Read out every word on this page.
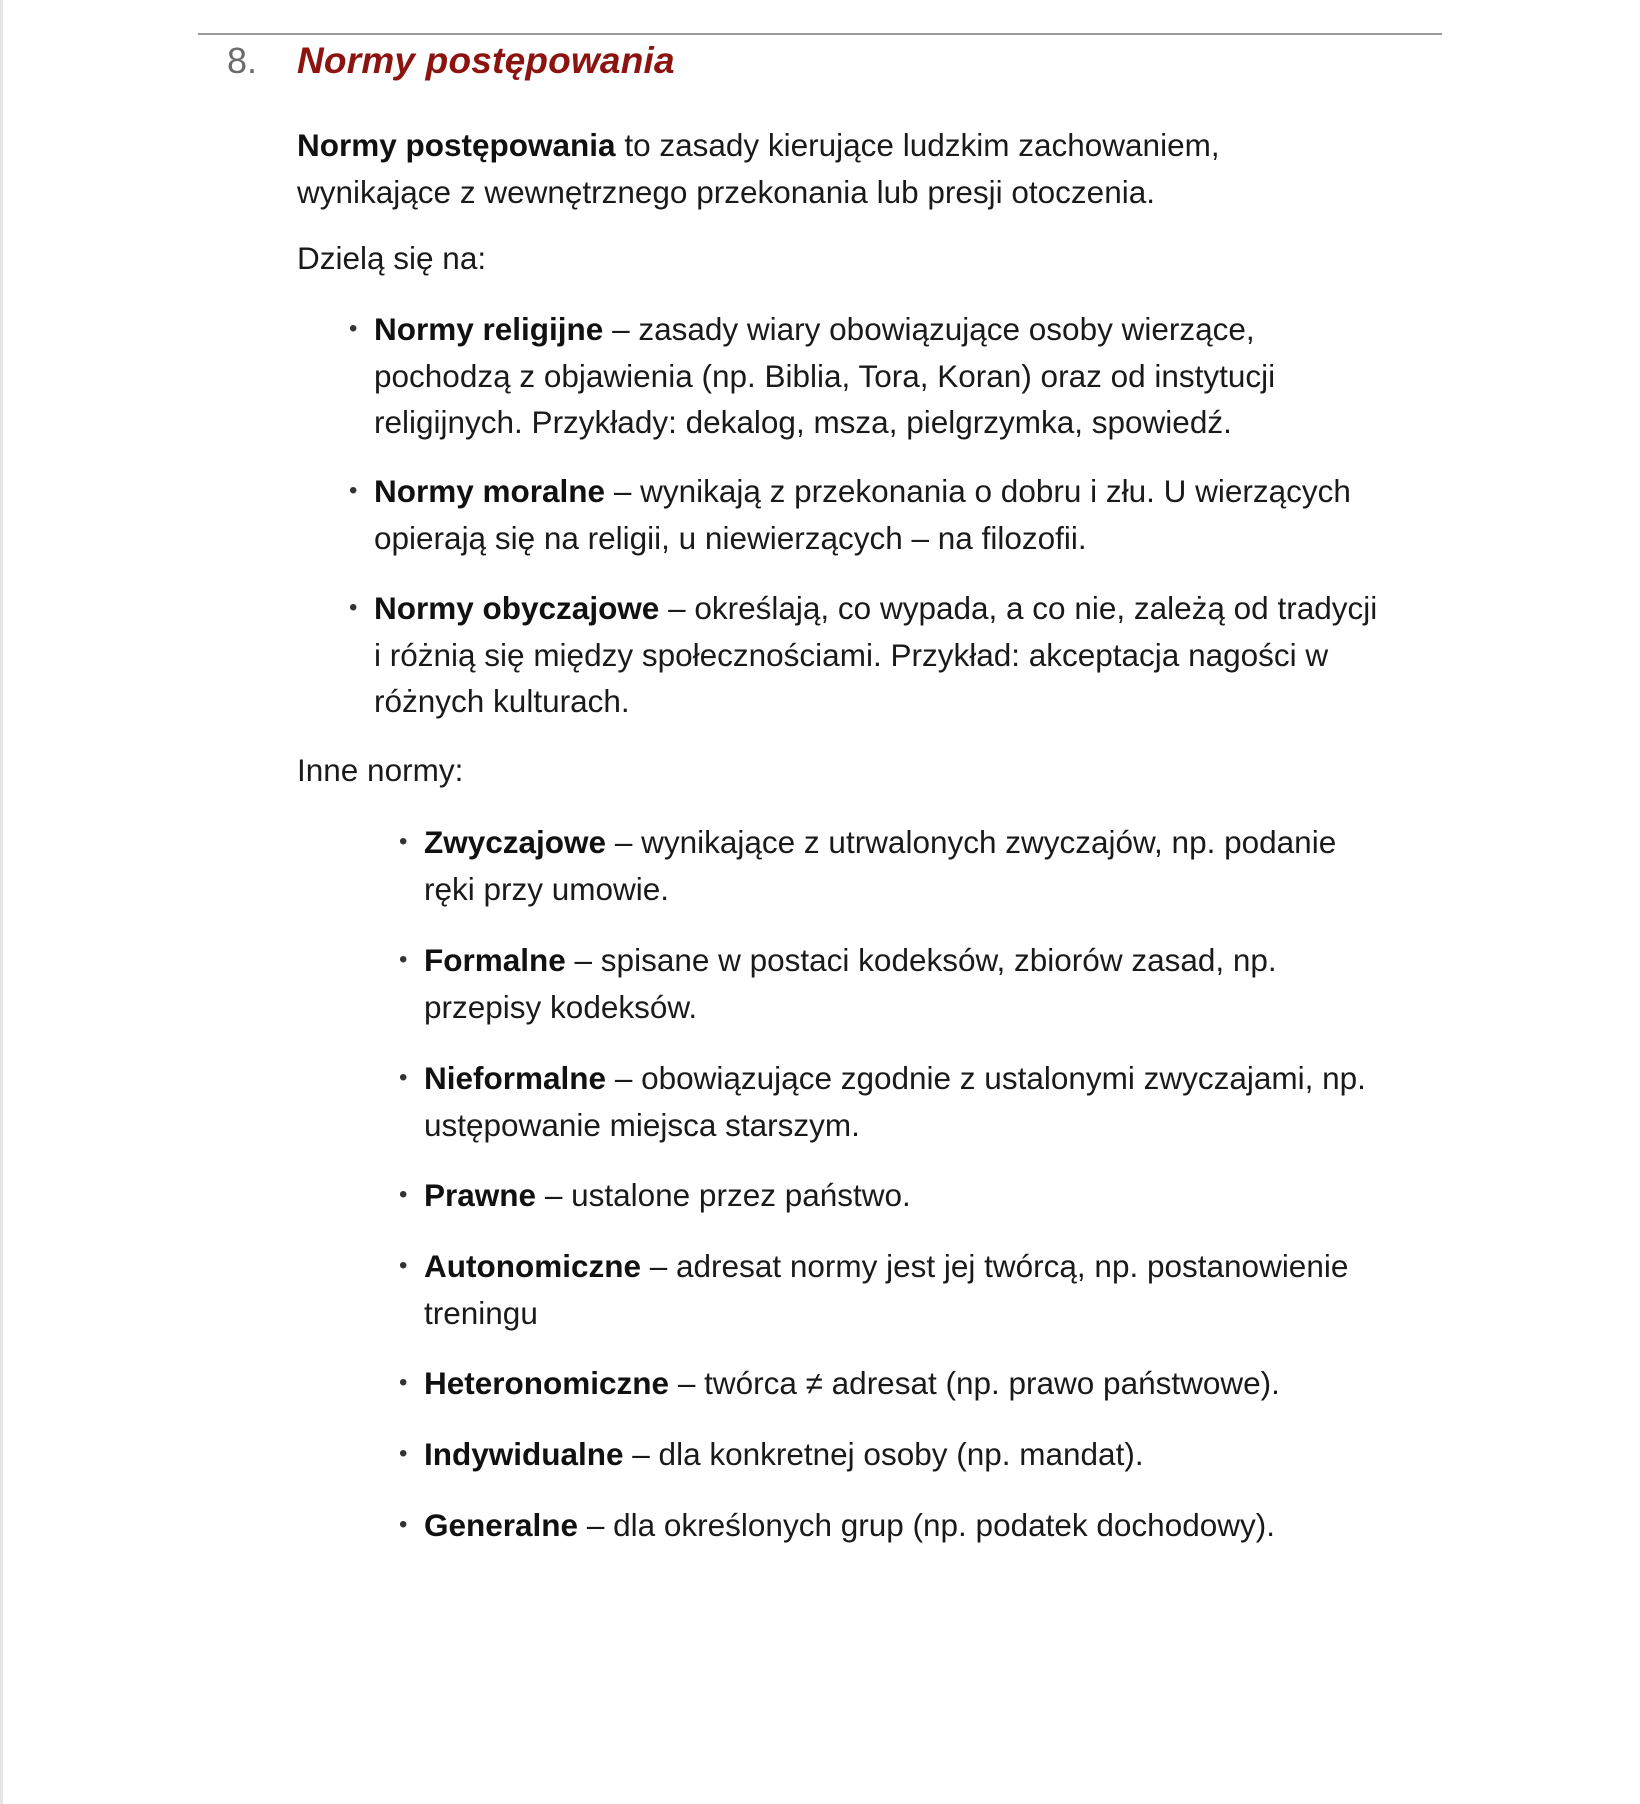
8.	Normy postępowania

Normy postępowania to zasady kierujące ludzkim zachowaniem,
wynikające z wewnętrznego przekonania lub presji otoczenia.

Dzielą się na:

• Normy religijne – zasady wiary obowiązujące osoby wierzące,
pochodzą z objawienia (np. Biblia, Tora, Koran) oraz od instytucji
religijnych. Przykłady: dekalog, msza, pielgrzymka, spowiedź.
• Normy moralne – wynikają z przekonania o dobru i złu. U wierzących
opierają się na religii, u niewierzących – na filozofii.
• Normy obyczajowe – określają, co wypada, a co nie, zależą od tradycji
i różnią się między społecznościami. Przykład: akceptacja nagości w
różnych kulturach.

Inne normy:

• Zwyczajowe – wynikające z utrwalonych zwyczajów, np. podanie
ręki przy umowie.
• Formalne – spisane w postaci kodeksów, zbiorów zasad, np.
przepisy kodeksów.
• Nieformalne – obowiązujące zgodnie z ustalonymi zwyczajami, np.
ustępowanie miejsca starszym.
• Prawne – ustalone przez państwo.
• Autonomiczne – adresat normy jest jej twórcą, np. postanowienie
treningu
• Heteronomiczne – twórca ≠ adresat (np. prawo państwowe).
• Indywidualne – dla konkretnej osoby (np. mandat).
• Generalne – dla określonych grup (np. podatek dochodowy).
